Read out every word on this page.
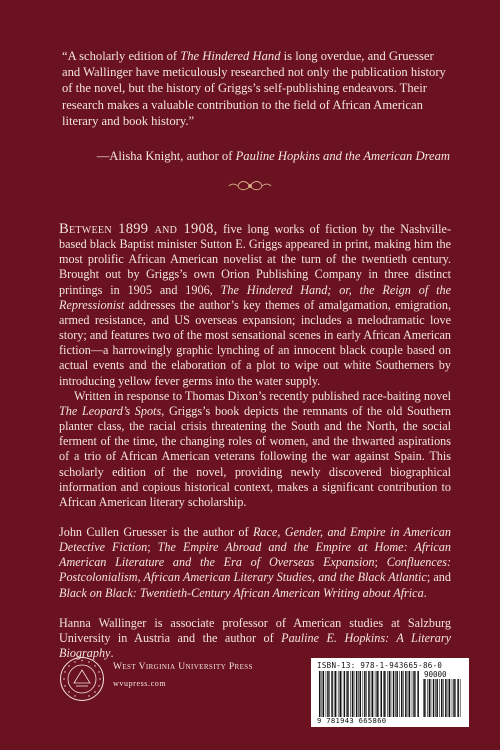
“A scholarly edition of The Hindered Hand is long overdue, and Gruesser and Wallinger have meticulously researched not only the publication history of the novel, but the history of Griggs’s self-publishing endeavors. Their research makes a valuable contribution to the field of African American literary and book history.”
—Alisha Knight, author of Pauline Hopkins and the American Dream

Between 1899 and 1908, five long works of fiction by the Nashville-based black Baptist minister Sutton E. Griggs appeared in print, making him the most prolific African American novelist at the turn of the twentieth century. Brought out by Griggs’s own Orion Publishing Company in three distinct printings in 1905 and 1906, The Hindered Hand; or, the Reign of the Repressionist addresses the author’s key themes of amalgamation, emigration, armed resistance, and US overseas expansion; includes a melodramatic love story; and features two of the most sensational scenes in early African American fiction—a harrowingly graphic lynching of an innocent black couple based on actual events and the elaboration of a plot to wipe out white Southerners by introducing yellow fever germs into the water supply.

Written in response to Thomas Dixon’s recently published race-baiting novel The Leopard’s Spots, Griggs’s book depicts the remnants of the old Southern planter class, the racial crisis threatening the South and the North, the social ferment of the time, the changing roles of women, and the thwarted aspirations of a trio of African American veterans following the war against Spain. This scholarly edition of the novel, providing newly discovered biographical information and copious historical context, makes a significant contribution to African American literary scholarship.

John Cullen Gruesser is the author of Race, Gender, and Empire in American Detective Fiction; The Empire Abroad and the Empire at Home: African American Literature and the Era of Overseas Expansion; Confluences: Postcolonialism, African American Literary Studies, and the Black Atlantic; and Black on Black: Twentieth-Century African American Writing about Africa.

Hanna Wallinger is associate professor of American studies at Salzburg University in Austria and the author of Pauline E. Hopkins: A Literary Biography.

West Virginia University Press
wvupress.com
ISBN-13: 978-1-943665-86-0
90000
9 781943 665860
